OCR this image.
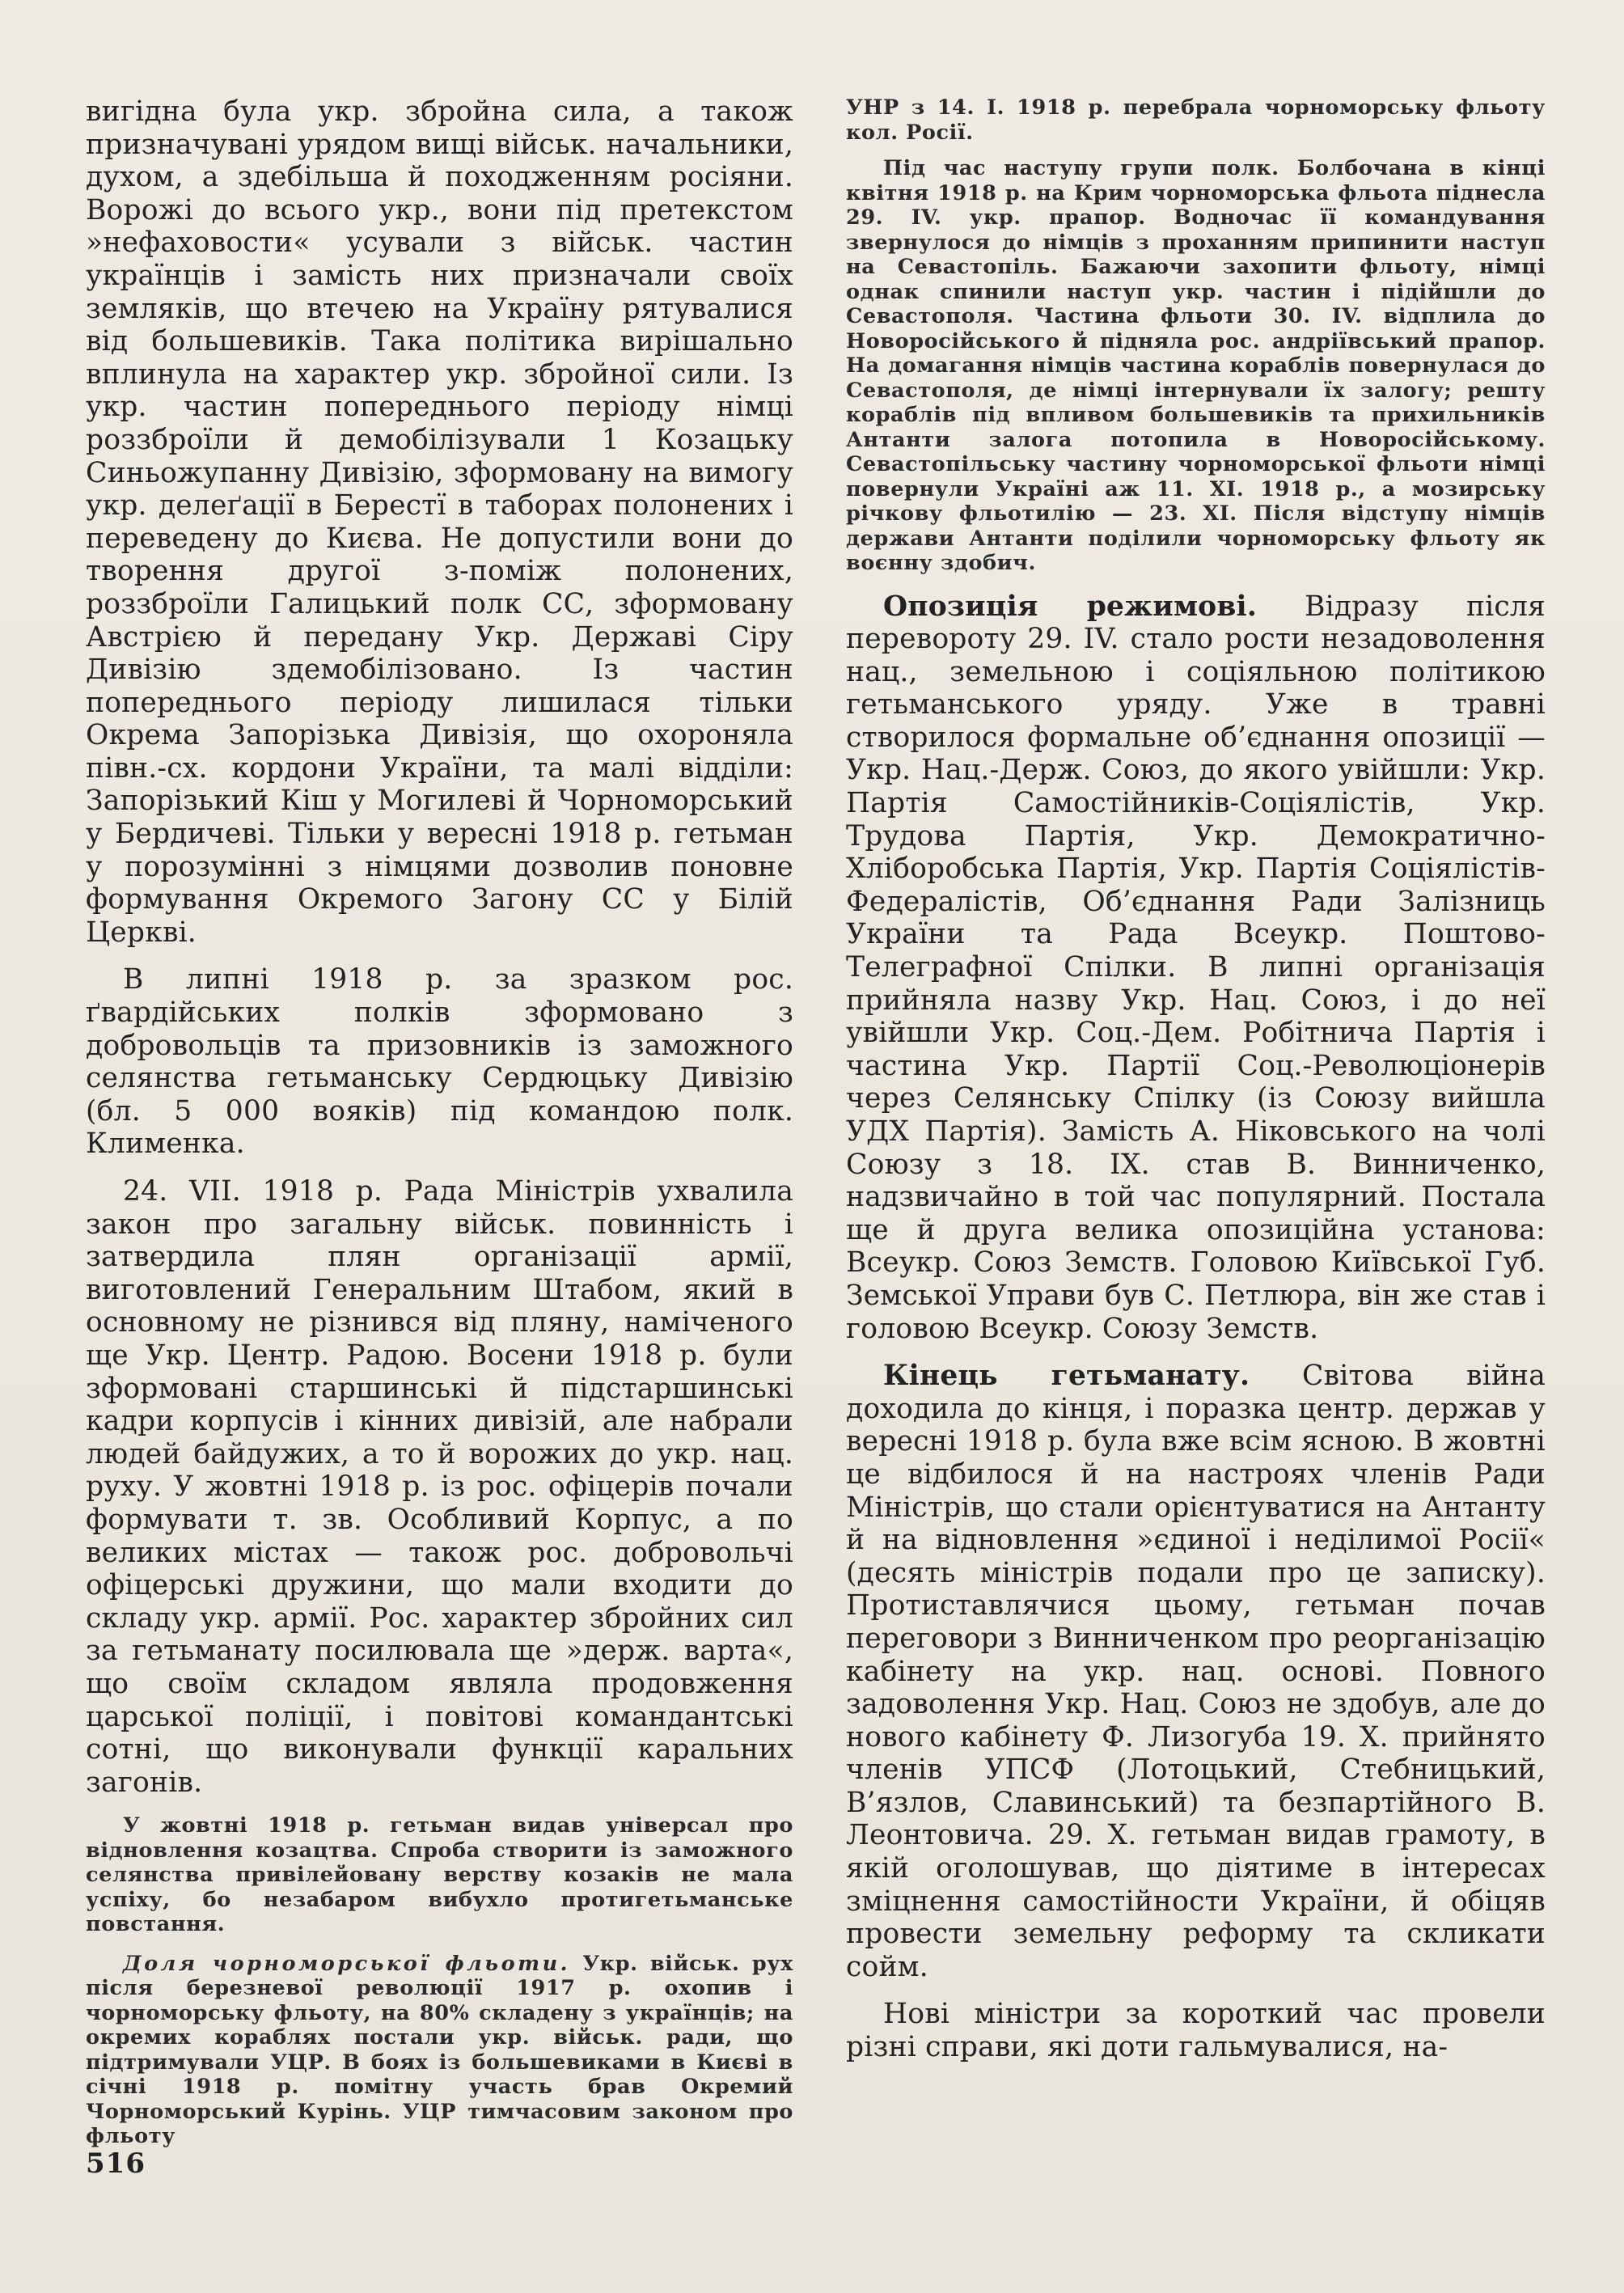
вигідна була укр. збройна сила, а також призначувані урядом вищі військ. начальники, духом, а здебільша й походженням росіяни. Ворожі до всього укр., вони під претекстом »нефаховости« усували з військ. частин українців і замість них призначали своїх земляків, що втечею на Україну рятувалися від большевиків. Така політика вирішально вплинула на характер укр. збройної сили. Із укр. частин попереднього періоду німці роззброїли й демобілізували 1 Козацьку Синьожупанну Дивізію, зформовану на вимогу укр. делеґації в Берестї в таборах полонених і переведену до Києва. Не допустили вони до творення другої з-поміж полонених, роззброїли Галицький полк СС, зформовану Австрією й передану Укр. Державі Сіру Дивізію здемобілізовано. Із частин попереднього періоду лишилася тільки Окрема Запорізька Дивізія, що охороняла півн.-сх. кордони України, та малі відділи: Запорізький Кіш у Могилеві й Чорноморський у Бердичеві. Тільки у вересні 1918 р. гетьман у порозумінні з німцями дозволив поновне формування Окремого Загону СС у Білій Церкві.

В липні 1918 р. за зразком рос. ґвардійських полків зформовано з добровольців та призовників із заможного селянства гетьманську Сердюцьку Дивізію (бл. 5 000 вояків) під командою полк. Клименка.

24. VII. 1918 р. Рада Міністрів ухвалила закон про загальну військ. повинність і затвердила плян організації армії, виготовлений Генеральним Штабом, який в основному не різнився від пляну, наміченого ще Укр. Центр. Радою. Восени 1918 р. були зформовані старшинські й підстаршинські кадри корпусів і кінних дивізій, але набрали людей байдужих, а то й ворожих до укр. нац. руху. У жовтні 1918 р. із рос. офіцерів почали формувати т. зв. Особливий Корпус, а по великих містах — також рос. добровольчі офіцерські дружини, що мали входити до складу укр. армії. Рос. характер збройних сил за гетьманату посилювала ще »держ. варта«, що своїм складом являла продовження царської поліції, і повітові командантські сотні, що виконували функції каральних загонів.

У жовтні 1918 р. гетьман видав універсал про відновлення козацтва. Спроба створити із заможного селянства привілейовану верству козаків не мала успіху, бо незабаром вибухло протигетьманське повстання.

Доля чорноморської фльоти. Укр. військ. рух після березневої революції 1917 р. охопив і чорноморську фльоту, на 80% складену з українців; на окремих кораблях постали укр. військ. ради, що підтримували УЦР. В боях із большевиками в Києві в січні 1918 р. помітну участь брав Окремий Чорноморський Курінь. УЦР тимчасовим законом про фльоту

УНР з 14. І. 1918 р. перебрала чорноморську фльоту кол. Росії.

Під час наступу групи полк. Болбочана в кінці квітня 1918 р. на Крим чорноморська фльота піднесла 29. IV. укр. прапор. Водночас її командування звернулося до німців з проханням припинити наступ на Севастопіль. Бажаючи захопити фльоту, німці однак спинили наступ укр. частин і підійшли до Севастополя. Частина фльоти 30. IV. відплила до Новоросійського й підняла рос. андріївський прапор. На домагання німців частина кораблів повернулася до Севастополя, де німці інтернували їх залогу; решту кораблів під впливом большевиків та прихильників Антанти залога потопила в Новоросійському. Севастопільську частину чорноморської фльоти німці повернули Україні аж 11. XI. 1918 р., а мозирську річкову фльотилію — 23. XI. Після відступу німців держави Антанти поділили чорноморську фльоту як воєнну здобич.

Опозиція режимові. Відразу після перевороту 29. IV. стало рости незадоволення нац., земельною і соціяльною політикою гетьманського уряду. Уже в травні створилося формальне об’єднання опозиції — Укр. Нац.-Держ. Союз, до якого увійшли: Укр. Партія Самостійників-Соціялістів, Укр. Трудова Партія, Укр. Демократично-Хліборобська Партія, Укр. Партія Соціялістів-Федералістів, Об’єднання Ради Залізниць України та Рада Всеукр. Поштово-Телеграфної Спілки. В липні організація прийняла назву Укр. Нац. Союз, і до неї увійшли Укр. Соц.-Дем. Робітнича Партія і частина Укр. Партії Соц.-Революціонерів через Селянську Спілку (із Союзу вийшла УДХ Партія). Замість А. Ніковського на чолі Союзу з 18. IX. став В. Винниченко, надзвичайно в той час популярний. Постала ще й друга велика опозиційна установа: Всеукр. Союз Земств. Головою Київської Губ. Земської Управи був С. Петлюра, він же став і головою Всеукр. Союзу Земств.

Кінець гетьманату. Світова війна доходила до кінця, і поразка центр. держав у вересні 1918 р. була вже всім ясною. В жовтні це відбилося й на настроях членів Ради Міністрів, що стали орієнтуватися на Антанту й на відновлення »єдиної і неділимої Росії« (десять міністрів подали про це записку). Протиставлячися цьому, гетьман почав переговори з Винниченком про реорганізацію кабінету на укр. нац. основі. Повного задоволення Укр. Нац. Союз не здобув, але до нового кабінету Ф. Лизогуба 19. X. прийнято членів УПСФ (Лотоцький, Стебницький, В’язлов, Славинський) та безпартійного В. Леонтовича. 29. X. гетьман видав грамоту, в якій оголошував, що діятиме в інтересах зміцнення самостійности України, й обіцяв провести земельну реформу та скликати сойм.

Нові міністри за короткий час провели різні справи, які доти гальмувалися, на-

516
